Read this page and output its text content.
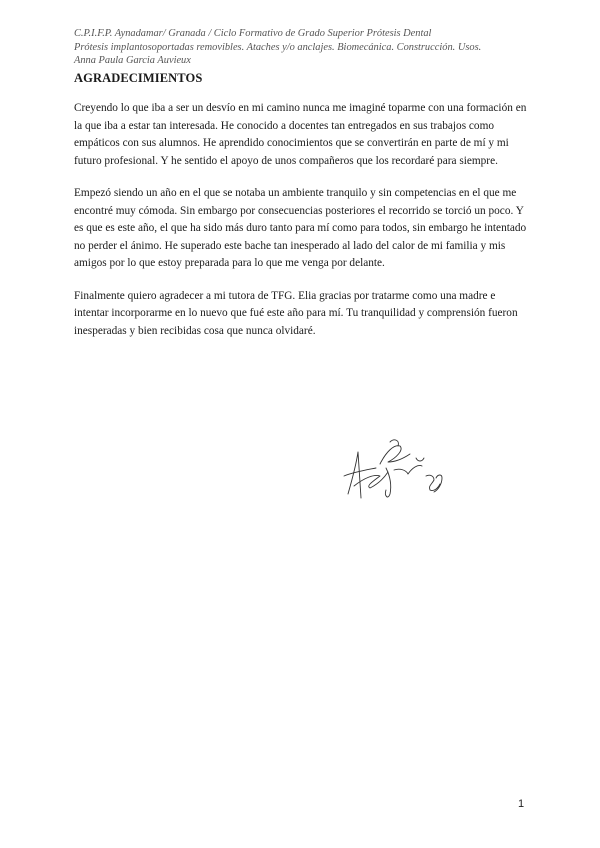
C.P.I.F.P. Aynadamar/ Granada / Ciclo Formativo de Grado Superior Prótesis Dental
Prótesis implantosoportadas removibles. Ataches y/o anclajes. Biomecánica. Construcción. Usos.
Anna Paula Garcia Auvieux
AGRADECIMIENTOS

Creyendo lo que iba a ser un desvío en mi camino nunca me imaginé toparme con una formación en la que iba a estar tan interesada. He conocido a docentes tan entregados en sus trabajos como empáticos con sus alumnos. He aprendido conocimientos que se convertirán en parte de mí y mi futuro profesional. Y he sentido el apoyo de unos compañeros que los recordaré para siempre.

Empezó siendo un año en el que se notaba un ambiente tranquilo y sin competencias en el que me encontré muy cómoda. Sin embargo por consecuencias posteriores el recorrido se torció un poco. Y es que es este año, el que ha sido más duro tanto para mí como para todos, sin embargo he intentado no perder el ánimo. He superado este bache tan inesperado al lado del calor de mi familia y mis amigos por lo que estoy preparada para lo que me venga por delante.

Finalmente quiero agradecer a mi tutora de TFG. Elia gracias por tratarme como una madre e intentar incorporarme en lo nuevo que fué este año para mí. Tu tranquilidad y comprensión fueron inesperadas y bien recibidas cosa que nunca olvidaré.

1
